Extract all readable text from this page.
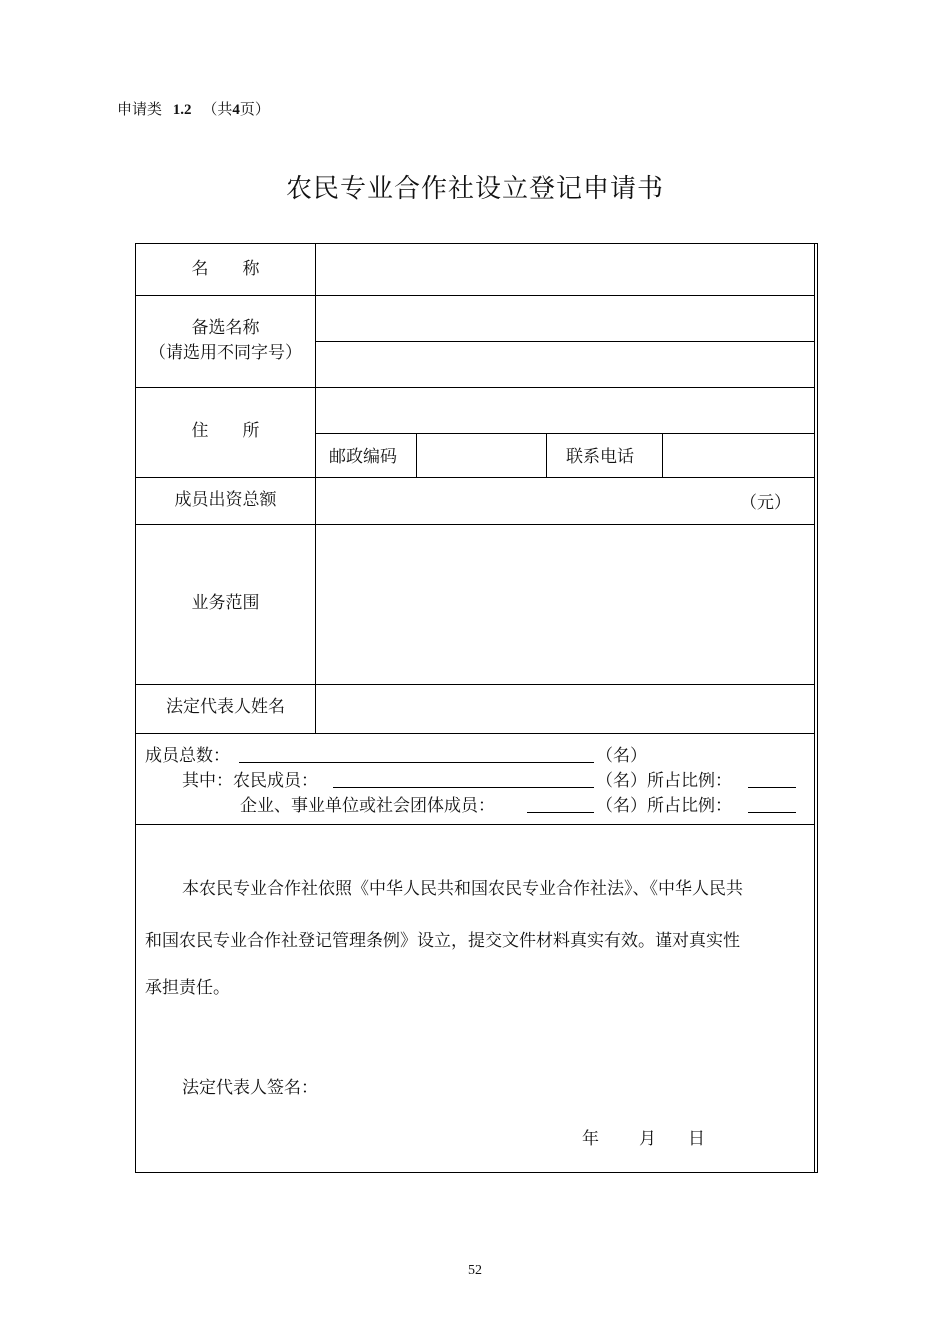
申请类 1.2 （共4页）
农民专业合作社设立登记申请书
名　　称
备选名称
（请选用不同字号）
住　　所
邮政编码	联系电话
成员出资总额	（元）
业务范围
法定代表人姓名
成员总数：	（名）
其中：农民成员：	（名）所占比例：
企业、事业单位或社会团体成员：	（名）所占比例：
本农民专业合作社依照《中华人民共和国农民专业合作社法》、《中华人民共
和国农民专业合作社登记管理条例》设立，提交文件材料真实有效。谨对真实性
承担责任。
法定代表人签名：
年 月 日
52
